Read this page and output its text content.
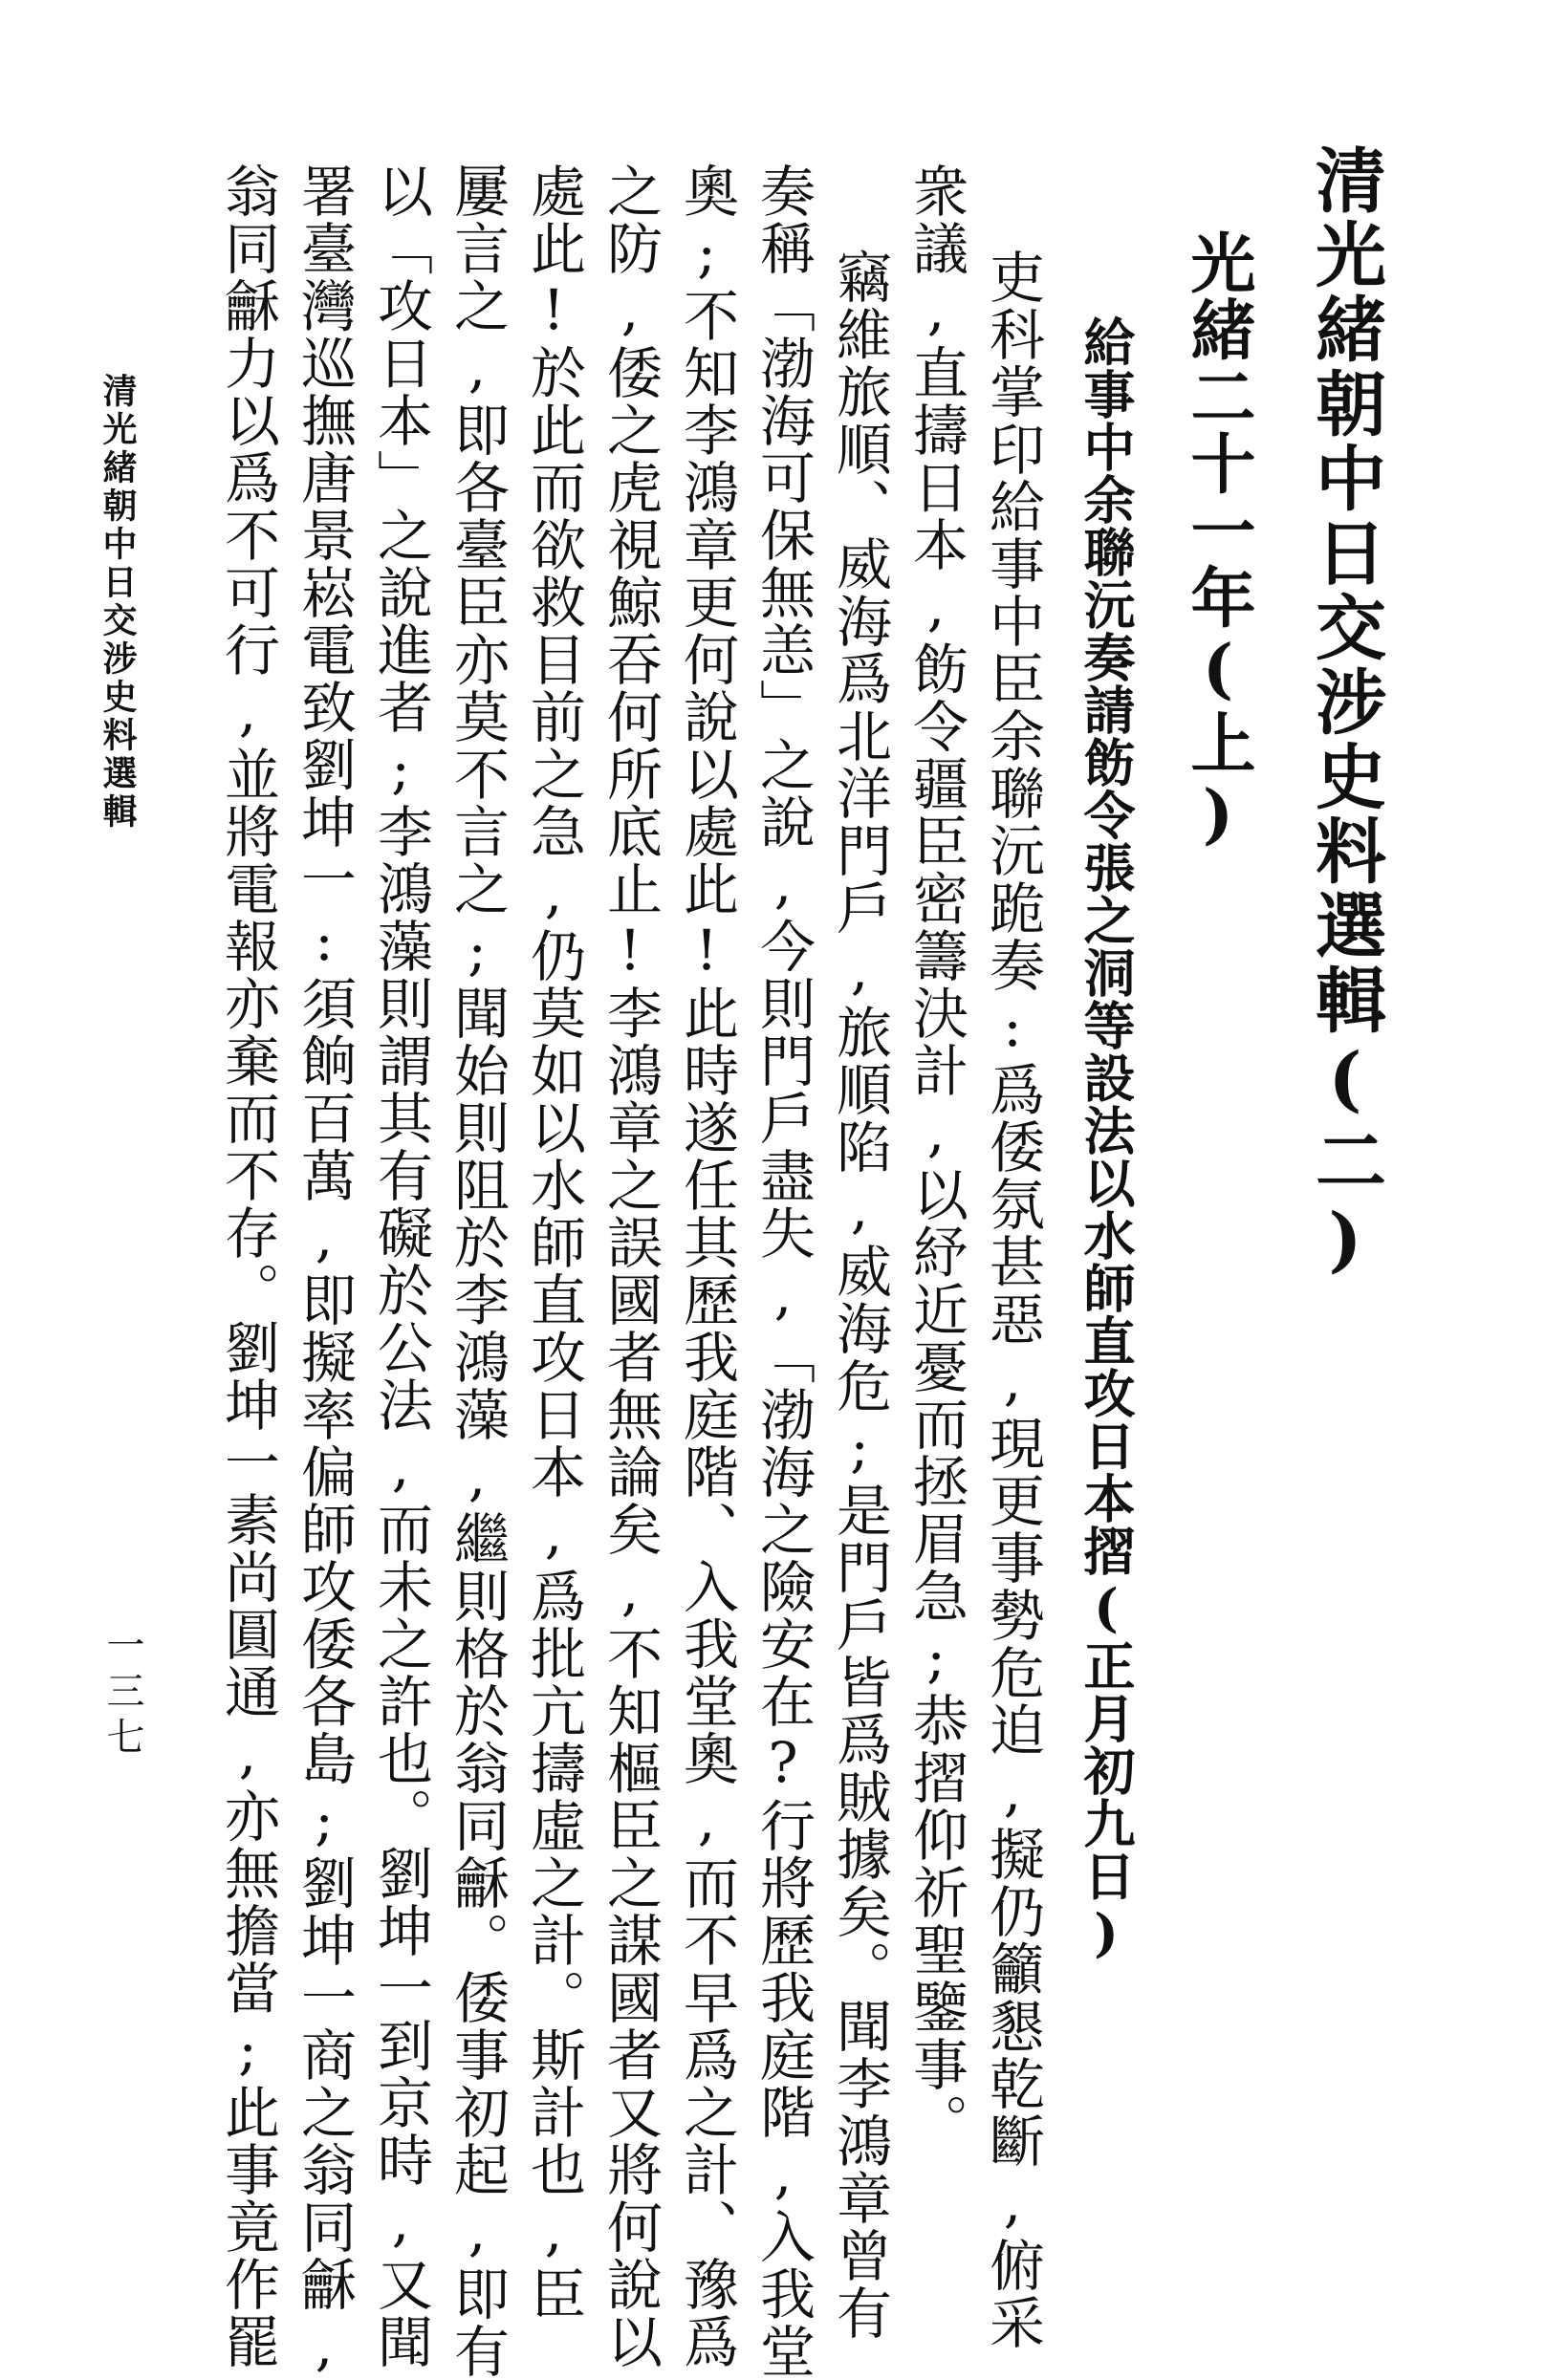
清光緒朝中日交涉史料選輯(二)
光緒二十一年(上)
給事中余聯沅奏請飭令張之洞等設法以水師直攻日本摺(正月初九日)
吏科掌印給事中臣余聯沅跪奏:爲倭氛甚惡,現更事勢危迫,擬仍籲懇乾斷,俯采
衆議,直擣日本,飭令疆臣密籌決計,以紓近憂而拯眉急;恭摺仰祈聖鑒事。
竊維旅順、威海爲北洋門戶,旅順陷,威海危;是門戶皆爲賊據矣。聞李鴻章曾有
奏稱「渤海可保無恙」之說,今則門戶盡失,「渤海之險安在?行將歷我庭階,入我堂
奧;不知李鴻章更何說以處此!此時遂任其歷我庭階、入我堂奧,而不早爲之計、豫爲
之防,倭之虎視鯨吞何所底止!李鴻章之誤國者無論矣,不知樞臣之謀國者又將何說以
處此!於此而欲救目前之急,仍莫如以水師直攻日本,爲批亢擣虛之計。斯計也,臣
屢言之,即各臺臣亦莫不言之;聞始則阻於李鴻藻,繼則格於翁同龢。倭事初起,即有
以「攻日本」之說進者;李鴻藻則謂其有礙於公法,而未之許也。劉坤一到京時,又聞
署臺灣巡撫唐景崧電致劉坤一:須餉百萬,即擬率偏師攻倭各島;劉坤一商之翁同龢,
翁同龢力以爲不可行,並將電報亦棄而不存。劉坤一素尚圓通,亦無擔當;此事竟作罷
清光緒朝中日交涉史料選輯
一三七
